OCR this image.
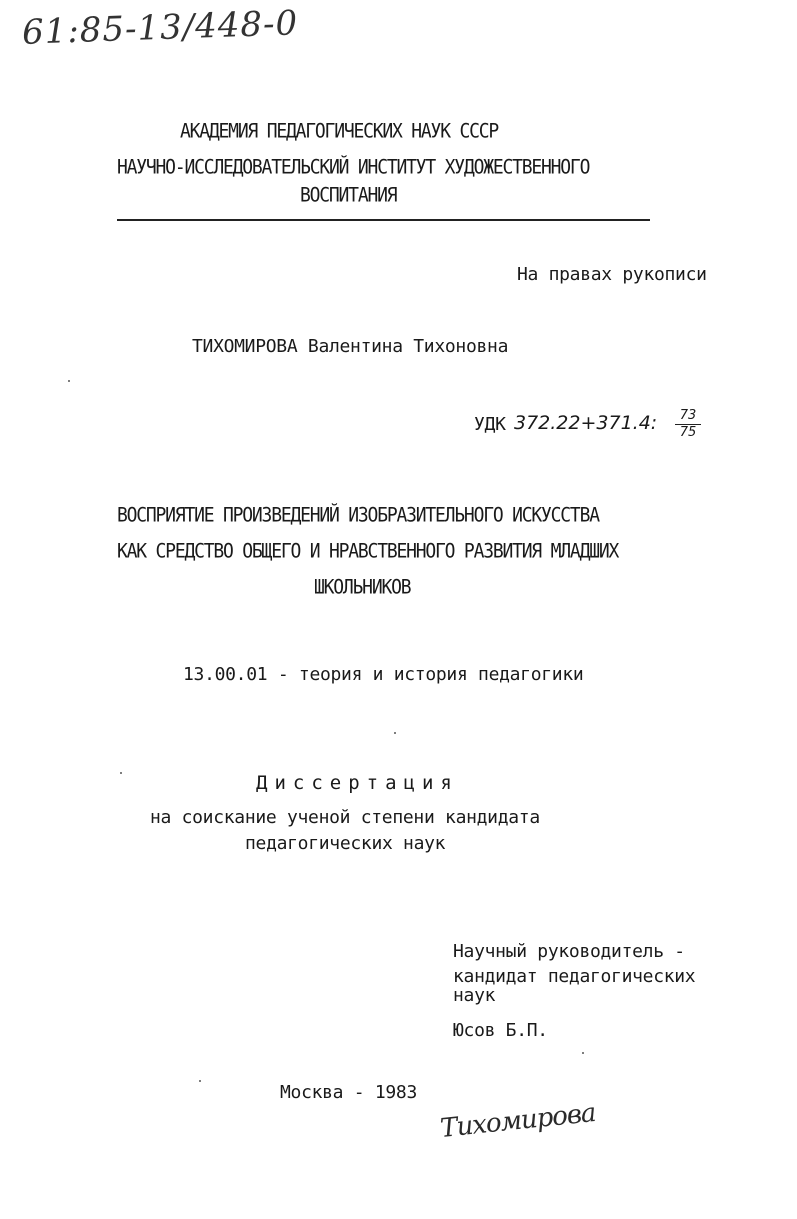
61:85-13/448-0
АКАДЕМИЯ ПЕДАГОГИЧЕСКИХ НАУК СССР
НАУЧНО-ИССЛЕДОВАТЕЛЬСКИЙ ИНСТИТУТ ХУДОЖЕСТВЕННОГО
ВОСПИТАНИЯ
На правах рукописи
ТИХОМИРОВА Валентина Тихоновна
УДК 372.22+371.4:	73
75
ВОСПРИЯТИЕ ПРОИЗВЕДЕНИЙ ИЗОБРАЗИТЕЛЬНОГО ИСКУССТВА
КАК СРЕДСТВО ОБЩЕГО И НРАВСТВЕННОГО РАЗВИТИЯ МЛАДШИХ
ШКОЛЬНИКОВ
13.00.01 - теория и история педагогики
Диссертация
на соискание ученой степени кандидата
педагогических наук
Научный руководитель -
кандидат педагогических
наук
Юсов Б.П.
Москва - 1983
Тихомирова
